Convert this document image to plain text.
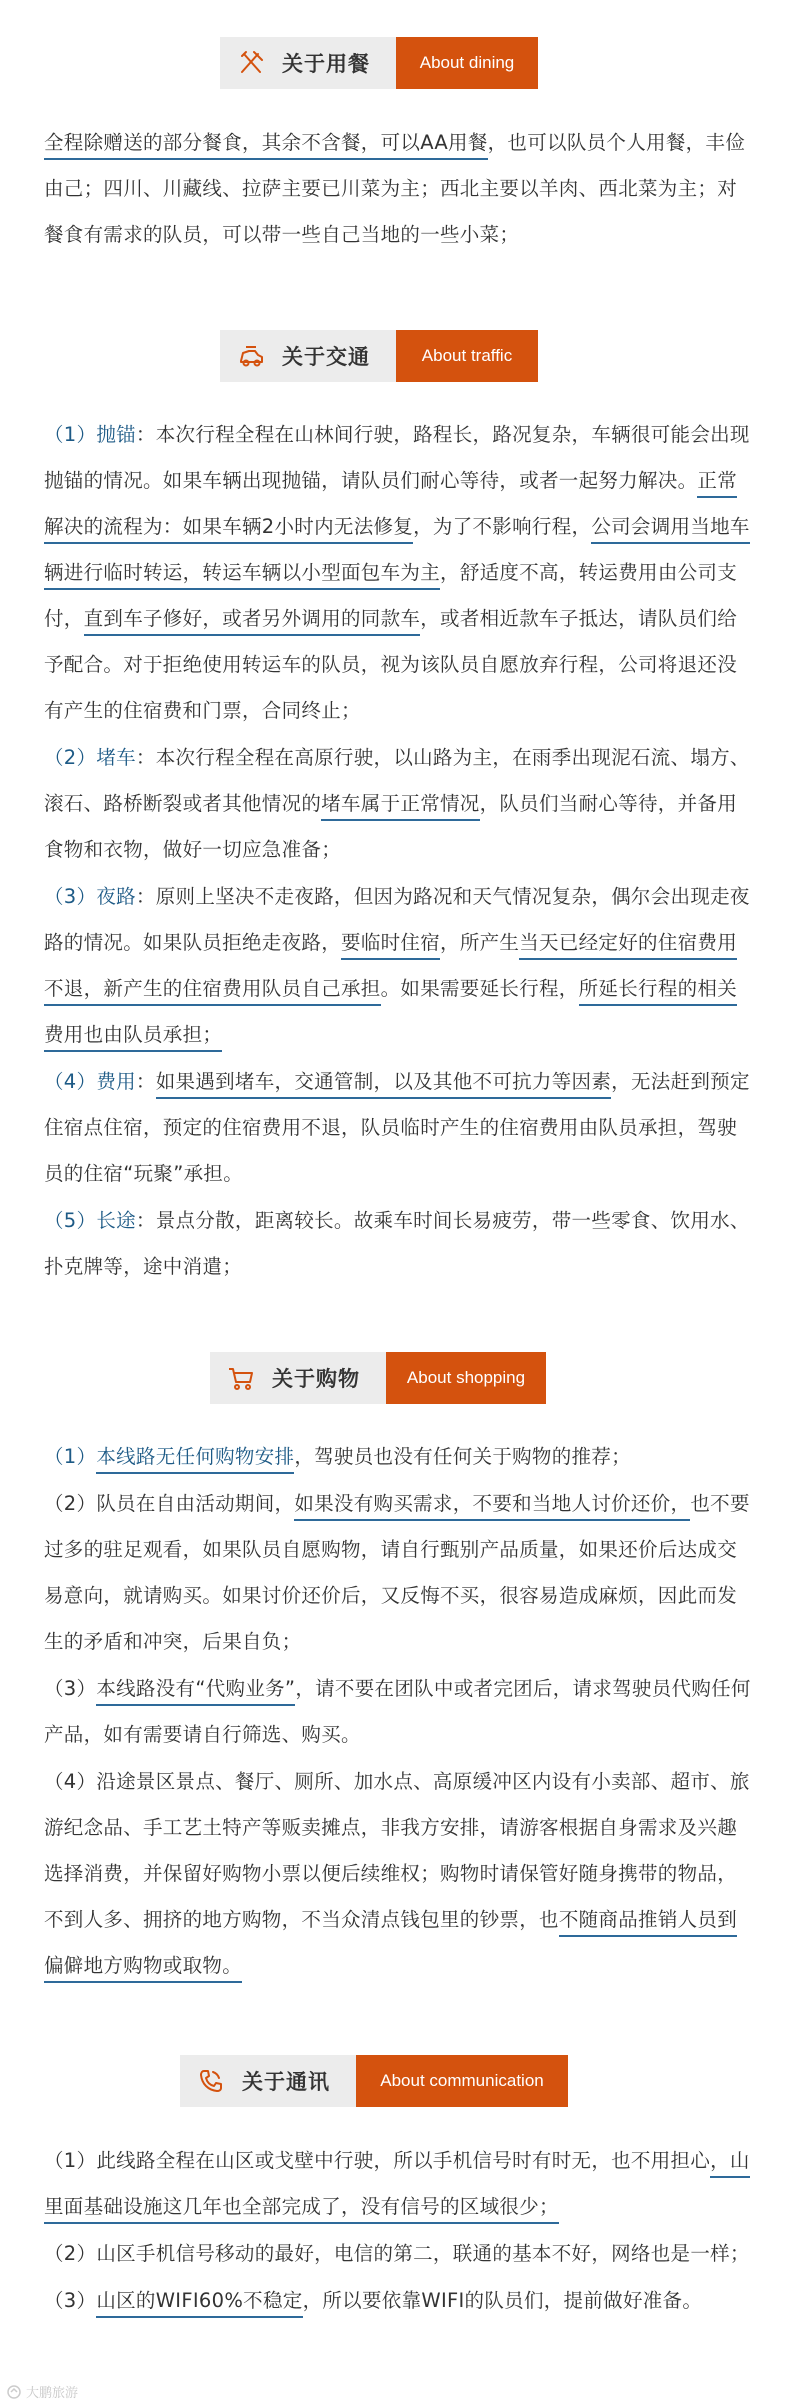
关于用餐	About dining

全程除赠送的部分餐食，其余不含餐，可以AA用餐，也可以队员个人用餐，丰俭由己；四川、川藏线、拉萨主要已川菜为主；西北主要以羊肉、西北菜为主；对餐食有需求的队员，可以带一些自己当地的一些小菜；

关于交通	About traffic

（1）抛锚：本次行程全程在山林间行驶，路程长，路况复杂，车辆很可能会出现抛锚的情况。如果车辆出现抛锚，请队员们耐心等待，或者一起努力解决。正常解决的流程为：如果车辆2小时内无法修复，为了不影响行程，公司会调用当地车辆进行临时转运，转运车辆以小型面包车为主，舒适度不高，转运费用由公司支付，直到车子修好，或者另外调用的同款车，或者相近款车子抵达，请队员们给予配合。对于拒绝使用转运车的队员，视为该队员自愿放弃行程，公司将退还没有产生的住宿费和门票，合同终止；

（2）堵车：本次行程全程在高原行驶，以山路为主，在雨季出现泥石流、塌方、滚石、路桥断裂或者其他情况的堵车属于正常情况，队员们当耐心等待，并备用食物和衣物，做好一切应急准备；

（3）夜路：原则上坚决不走夜路，但因为路况和天气情况复杂，偶尔会出现走夜路的情况。如果队员拒绝走夜路，要临时住宿，所产生当天已经定好的住宿费用不退，新产生的住宿费用队员自己承担。如果需要延长行程，所延长行程的相关费用也由队员承担；

（4）费用：如果遇到堵车，交通管制，以及其他不可抗力等因素，无法赶到预定住宿点住宿，预定的住宿费用不退，队员临时产生的住宿费用由队员承担，驾驶员的住宿“玩聚”承担。

（5）长途：景点分散，距离较长。故乘车时间长易疲劳，带一些零食、饮用水、扑克牌等，途中消遣；

关于购物	About shopping

（1）本线路无任何购物安排，驾驶员也没有任何关于购物的推荐；

（2）队员在自由活动期间，如果没有购买需求，不要和当地人讨价还价，也不要过多的驻足观看，如果队员自愿购物，请自行甄别产品质量，如果还价后达成交易意向，就请购买。如果讨价还价后，又反悔不买，很容易造成麻烦，因此而发生的矛盾和冲突，后果自负；

（3）本线路没有“代购业务”，请不要在团队中或者完团后，请求驾驶员代购任何产品，如有需要请自行筛选、购买。

（4）沿途景区景点、餐厅、厕所、加水点、高原缓冲区内设有小卖部、超市、旅游纪念品、手工艺土特产等贩卖摊点，非我方安排，请游客根据自身需求及兴趣选择消费，并保留好购物小票以便后续维权；购物时请保管好随身携带的物品，不到人多、拥挤的地方购物，不当众清点钱包里的钞票，也不随商品推销人员到偏僻地方购物或取物。

关于通讯	About communication

（1）此线路全程在山区或戈壁中行驶，所以手机信号时有时无，也不用担心，山里面基础设施这几年也全部完成了，没有信号的区域很少；

（2）山区手机信号移动的最好，电信的第二，联通的基本不好，网络也是一样；

（3）山区的WIFI60%不稳定，所以要依靠WIFI的队员们，提前做好准备。

大鹏旅游
